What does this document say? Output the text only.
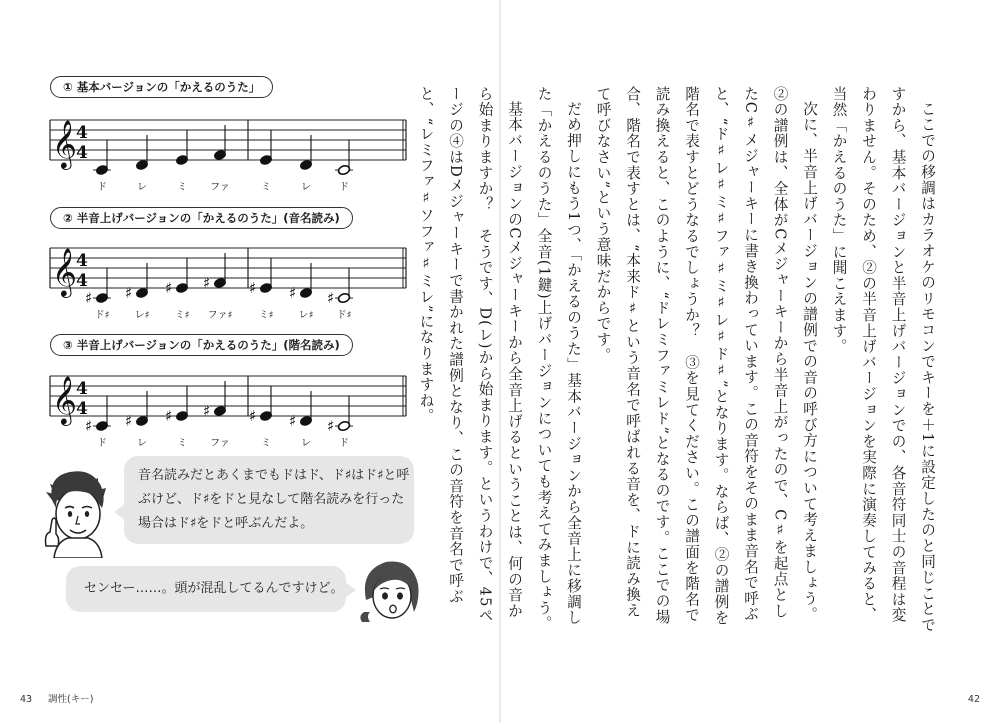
① 基本バージョンの「かえるのうた」
𝄞 4
4
ド	レ	ミ ファ	ミ	レ	ド
② 半音上げバージョンの「かえるのうた」(音名読み)
𝄞 4
4
♯
ド♯
♯
レ♯
♯
ミ♯
♯
ファ♯
♯
ミ♯
♯
レ♯
♯
ド♯
③ 半音上げバージョンの「かえるのうた」(階名読み)
𝄞 4
4
♯
ド
♯
レ
♯
ミ
♯
ファ
♯
ミ
♯
レ
♯
ド
音名読みだとあくまでもドはド、ド♯はド♯と呼
ぶけど、ド♯をドと見なして階名読みを行った
場合はド♯をドと呼ぶんだよ。
センセー……。頭が混乱してるんですけど。
43 調性(キー)

ここでの移調はカラオケのリモコンでキーを＋1に設定したのと同じことですから、基本バージョンと半音上げバージョンでの、各音符同士の音程は変わりません。そのため、②の半音上げバージョンを実際に演奏してみると、当然「かえるのうた」に聞こえます。

次に、半音上げバージョンの譜例での音の呼び方について考えましょう。②の譜例は、全体がCメジャーキーから半音上がったので、C♯を起点としたC♯メジャーキーに書き換わっています。この音符をそのまま音名で呼ぶと、“ド♯レ♯ミ♯ファ♯ミ♯レ♯ド♯”となります。ならば、②の譜例を階名で表すとどうなるでしょうか？　③を見てください。この譜面を階名で読み換えると、このように、“ドレミファミレド”となるのです。ここでの場合、階名で表すとは、“本来ド♯という音名で呼ばれる音を、ドに読み換えて呼びなさい”という意味だからです。

だめ押しにもう1つ、「かえるのうた」基本バージョンから全音上に移調した「かえるのうた」全音(1鍵)上げバージョンについても考えてみましょう。

基本バージョンのCメジャーキーから全音上げるということは、何の音から始まりますか？　そうです、D(レ)から始まります。というわけで、45ページの④はDメジャーキーで書かれた譜例となり、この音符を音名で呼ぶと、“レミファ♯ソファ♯ミレ”になりますね。

42
